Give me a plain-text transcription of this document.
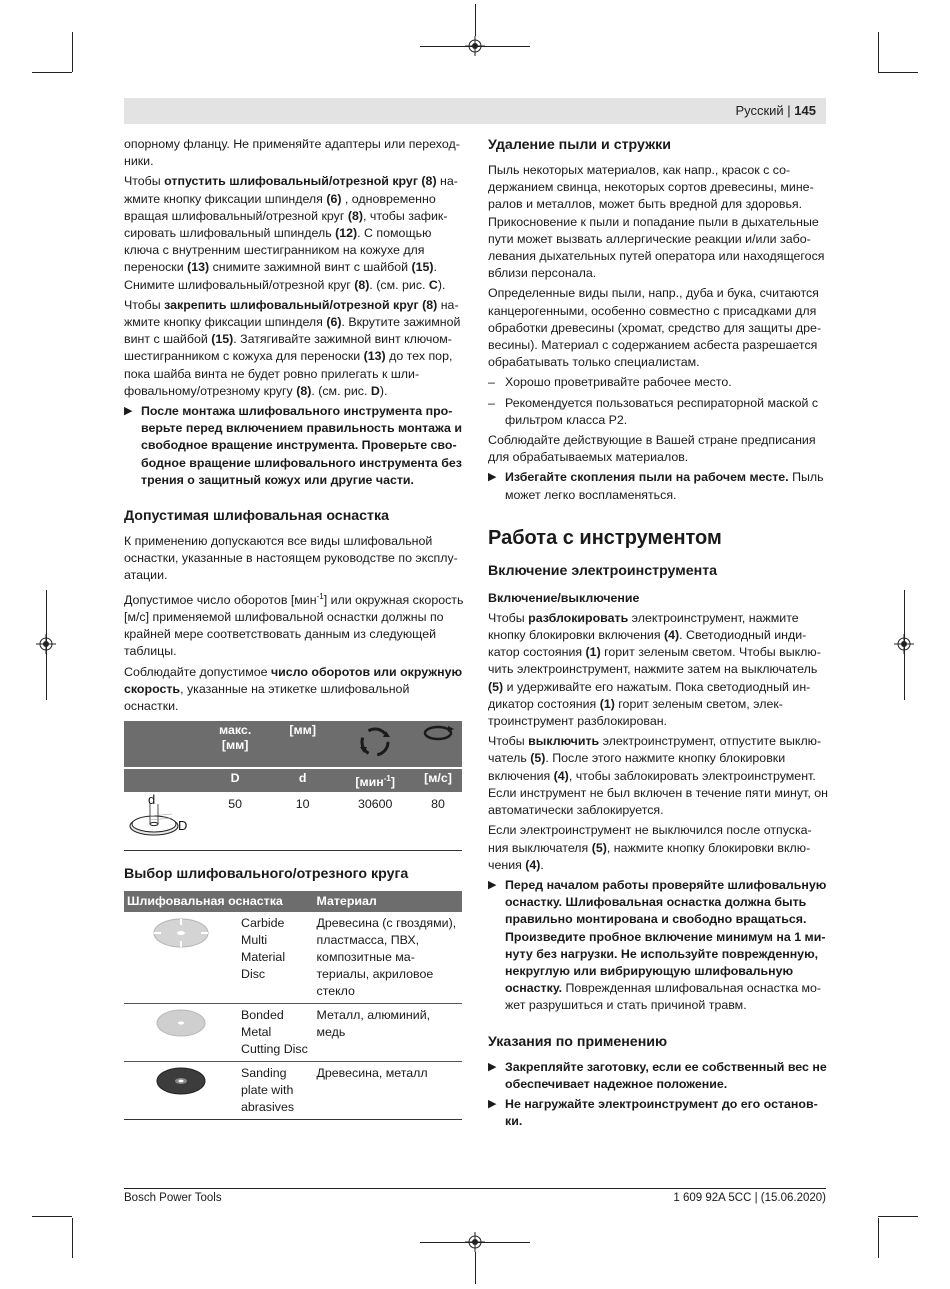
Русский | 145

опорному фланцу. Не применяйте адаптеры или переходники.

Чтобы отпустить шлифовальный/отрезной круг (8) нажмите кнопку фиксации шпинделя (6) , одновременно вращая шлифовальный/отрезной круг (8), чтобы зафиксировать шлифовальный шпиндель (12). С помощью ключа с внутренним шестигранником на кожухе для переноски (13) снимите зажимной винт с шайбой (15). Снимите шлифовальный/отрезной круг (8). (см. рис. C).

Чтобы закрепить шлифовальный/отрезной круг (8) нажмите кнопку фиксации шпинделя (6). Вкрутите зажимной винт с шайбой (15). Затягивайте зажимной винт ключом-шестигранником с кожуха для переноски (13) до тех пор, пока шайба винта не будет ровно прилегать к шлифовальному/отрезному кругу (8). (см. рис. D).

▶ После монтажа шлифовального инструмента проверьте перед включением правильность монтажа и свободное вращение инструмента. Проверьте свободное вращение шлифовального инструмента без трения о защитный кожух или другие части.
Допустимая шлифовальная оснастка

К применению допускаются все виды шлифовальной оснастки, указанные в настоящем руководстве по эксплуатации.

Допустимое число оборотов [мин$^{-1}$] или окружная скорость [м/с] применяемой шлифовальной оснастки должны по крайней мере соответствовать данным из следующей таблицы.

Соблюдайте допустимое число оборотов или окружную скорость, указанные на этикетке шлифовальной оснастки.

	макс. [мм]	[мм]		
	D	d	[мин$^{-1}$]	[м/с]

d
D	50	10	30600	80
Выбор шлифовального/отрезного круга
Шлифовальная оснастка		Материал
	Carbide Multi Material Disc	Древесина (с гвоздями), пластмасса, ПВХ, композитные материалы, акриловое стекло
	Bonded Metal Cutting Disc	Металл, алюминий, медь
	Sanding plate with abrasives	Древесина, металл
Удаление пыли и стружки

Пыль некоторых материалов, как напр., красок с содержанием свинца, некоторых сортов древесины, минералов и металлов, может быть вредной для здоровья. Прикосновение к пыли и попадание пыли в дыхательные пути может вызвать аллергические реакции и/или заболевания дыхательных путей оператора или находящегося вблизи персонала.

Определенные виды пыли, напр., дуба и бука, считаются канцерогенными, особенно совместно с присадками для обработки древесины (хромат, средство для защиты древесины). Материал с содержанием асбеста разрешается обрабатывать только специалистам.

– Хорошо проветривайте рабочее место.
– Рекомендуется пользоваться респираторной маской с фильтром класса Р2.

Соблюдайте действующие в Вашей стране предписания для обрабатываемых материалов.

▶ Избегайте скопления пыли на рабочем месте. Пыль может легко воспламеняться.
Работа с инструментом
Включение электроинструмента
Включение/выключение

Чтобы разблокировать электроинструмент, нажмите кнопку блокировки включения (4). Светодиодный индикатор состояния (1) горит зеленым светом. Чтобы выключить электроинструмент, нажмите затем на выключатель (5) и удерживайте его нажатым. Пока светодиодный индикатор состояния (1) горит зеленым светом, электроинструмент разблокирован.

Чтобы выключить электроинструмент, отпустите выключатель (5). После этого нажмите кнопку блокировки включения (4), чтобы заблокировать электроинструмент. Если инструмент не был включен в течение пяти минут, он автоматически заблокируется.

Если электроинструмент не выключился после отпускания выключателя (5), нажмите кнопку блокировки включения (4).

▶ Перед началом работы проверяйте шлифовальную оснастку. Шлифовальная оснастка должна быть правильно монтирована и свободно вращаться. Произведите пробное включение минимум на 1 минуту без нагрузки. Не используйте поврежденную, некруглую или вибрирующую шлифовальную оснастку. Поврежденная шлифовальная оснастка может разрушиться и стать причиной травм.
Указания по применению
▶ Закрепляйте заготовку, если ее собственный вес не обеспечивает надежное положение.
▶ Не нагружайте электроинструмент до его остановки.
Bosch Power Tools	1 609 92A 5CC | (15.06.2020)
